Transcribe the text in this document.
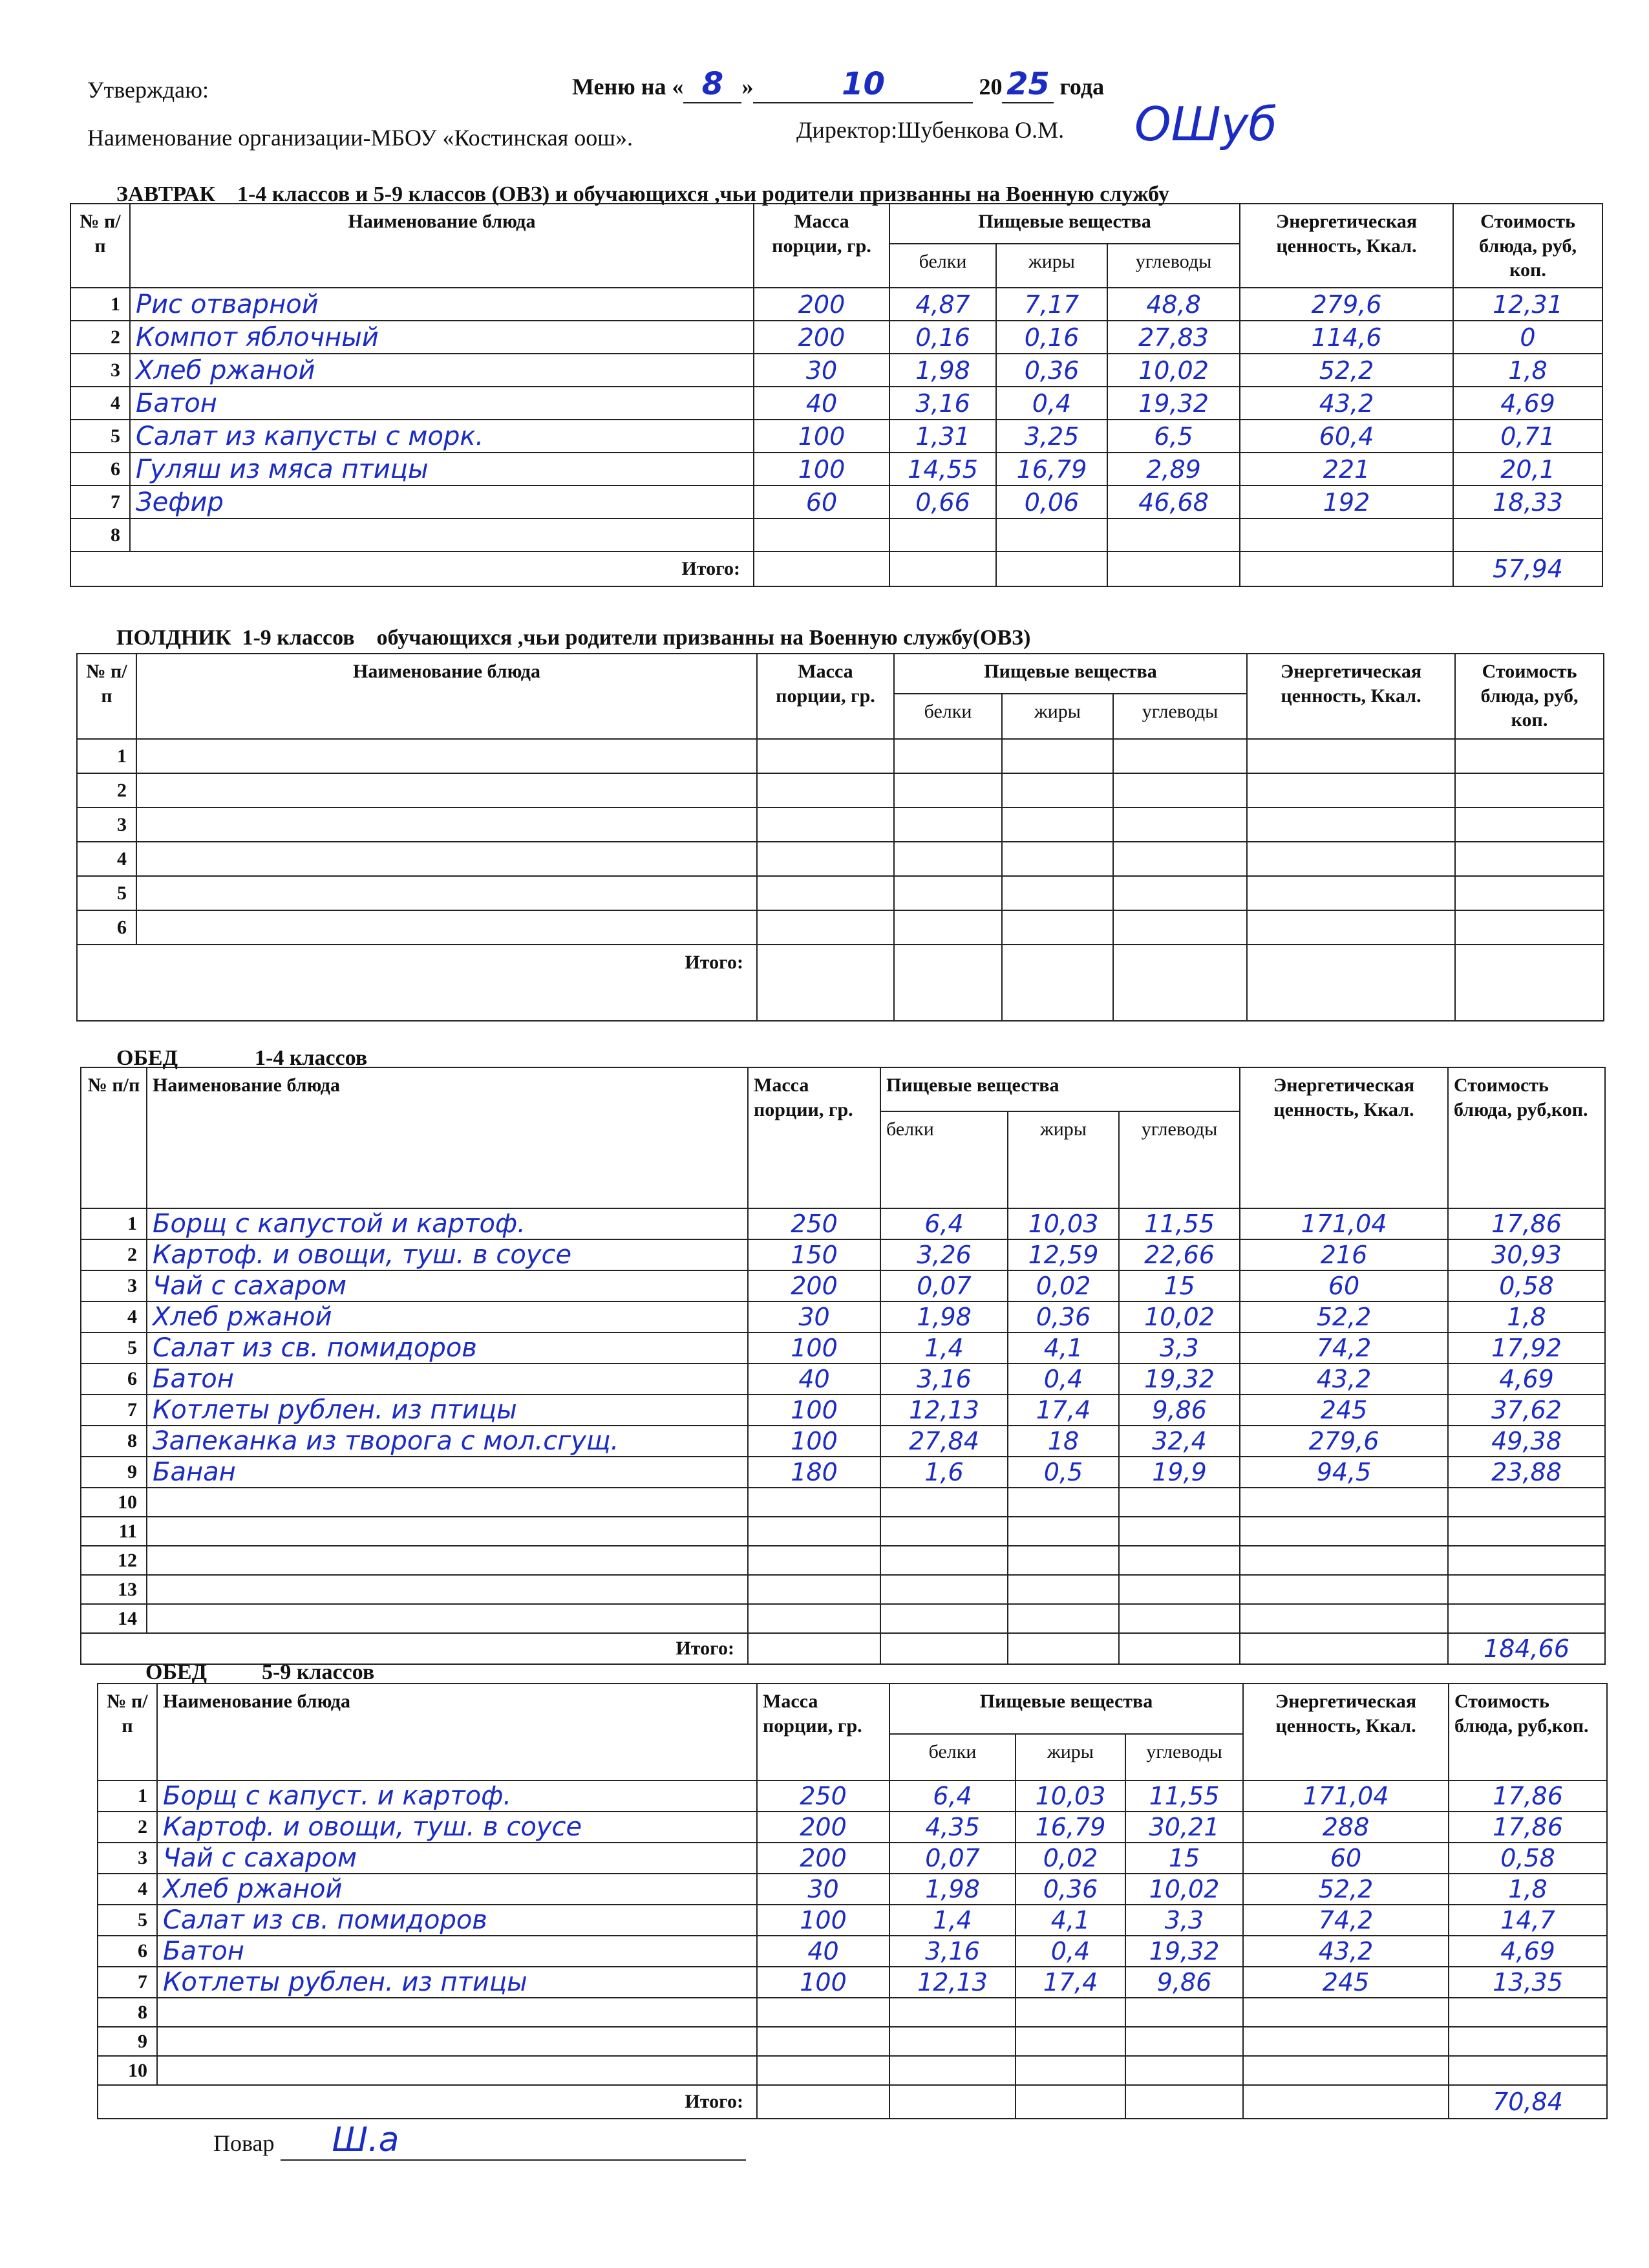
Утверждаю:	Меню на « 8 »	10	20 25 года
Наименование организации-МБОУ «Костинская оош».	Директор:Шубенкова О.М. ОШуб
ЗАВТРАК    1-4 классов и 5-9 классов (ОВЗ) и обучающихся ,чьи родители призванны на Военную службу
№ п/п	Наименование блюда	Масса порции, гр.	Пищевые вещества			Энергетическая ценность, Ккал.	Стоимость блюда, руб, коп.
			белки	жиры	углеводы		
1	Рис отварной	200	4,87	7,17	48,8	279,6	12,31
2	Компот яблочный	200	0,16	0,16	27,83	114,6	0
3	Хлеб ржаной	30	1,98	0,36	10,02	52,2	1,8
4	Батон	40	3,16	0,4	19,32	43,2	4,69
5	Салат из капусты с морк.	100	1,31	3,25	6,5	60,4	0,71
6	Гуляш из мяса птицы	100	14,55	16,79	2,89	221	20,1
7	Зефир	60	0,66	0,06	46,68	192	18,33
8							
Итого:							57,94
ПОЛДНИК  1-9 классов    обучающихся ,чьи родители призванны на Военную службу(ОВЗ)
№ п/п	Наименование блюда	Масса порции, гр.	Пищевые вещества			Энергетическая ценность, Ккал.	Стоимость блюда, руб, коп.
			белки	жиры	углеводы		
1							
2							
3							
4							
5							
6							
Итого:							
ОБЕД              1-4 классов
№ п/п	Наименование блюда	Масса порции, гр.	Пищевые вещества			Энергетическая ценность, Ккал.	Стоимость блюда, руб,коп.
			белки	жиры	углеводы		
1	Борщ с капустой и картоф.	250	6,4	10,03	11,55	171,04	17,86
2	Картоф. и овощи, туш. в соусе	150	3,26	12,59	22,66	216	30,93
3	Чай с сахаром	200	0,07	0,02	15	60	0,58
4	Хлеб ржаной	30	1,98	0,36	10,02	52,2	1,8
5	Салат из св. помидоров	100	1,4	4,1	3,3	74,2	17,92
6	Батон	40	3,16	0,4	19,32	43,2	4,69
7	Котлеты рублен. из птицы	100	12,13	17,4	9,86	245	37,62
8	Запеканка из творога с мол.сгущ.	100	27,84	18	32,4	279,6	49,38
9	Банан	180	1,6	0,5	19,9	94,5	23,88
10							
11							
12							
13							
14							
Итого:							184,66
ОБЕД          5-9 классов
№ п/п	Наименование блюда	Масса порции, гр.	Пищевые вещества			Энергетическая ценность, Ккал.	Стоимость блюда, руб,коп.
			белки	жиры	углеводы		
1	Борщ с капуст. и картоф.	250	6,4	10,03	11,55	171,04	17,86
2	Картоф. и овощи, туш. в соусе	200	4,35	16,79	30,21	288	17,86
3	Чай с сахаром	200	0,07	0,02	15	60	0,58
4	Хлеб ржаной	30	1,98	0,36	10,02	52,2	1,8
5	Салат из св. помидоров	100	1,4	4,1	3,3	74,2	14,7
6	Батон	40	3,16	0,4	19,32	43,2	4,69
7	Котлеты рублен. из птицы	100	12,13	17,4	9,86	245	13,35
8							
9							
10							
Итого:							70,84
Повар Ш.а
